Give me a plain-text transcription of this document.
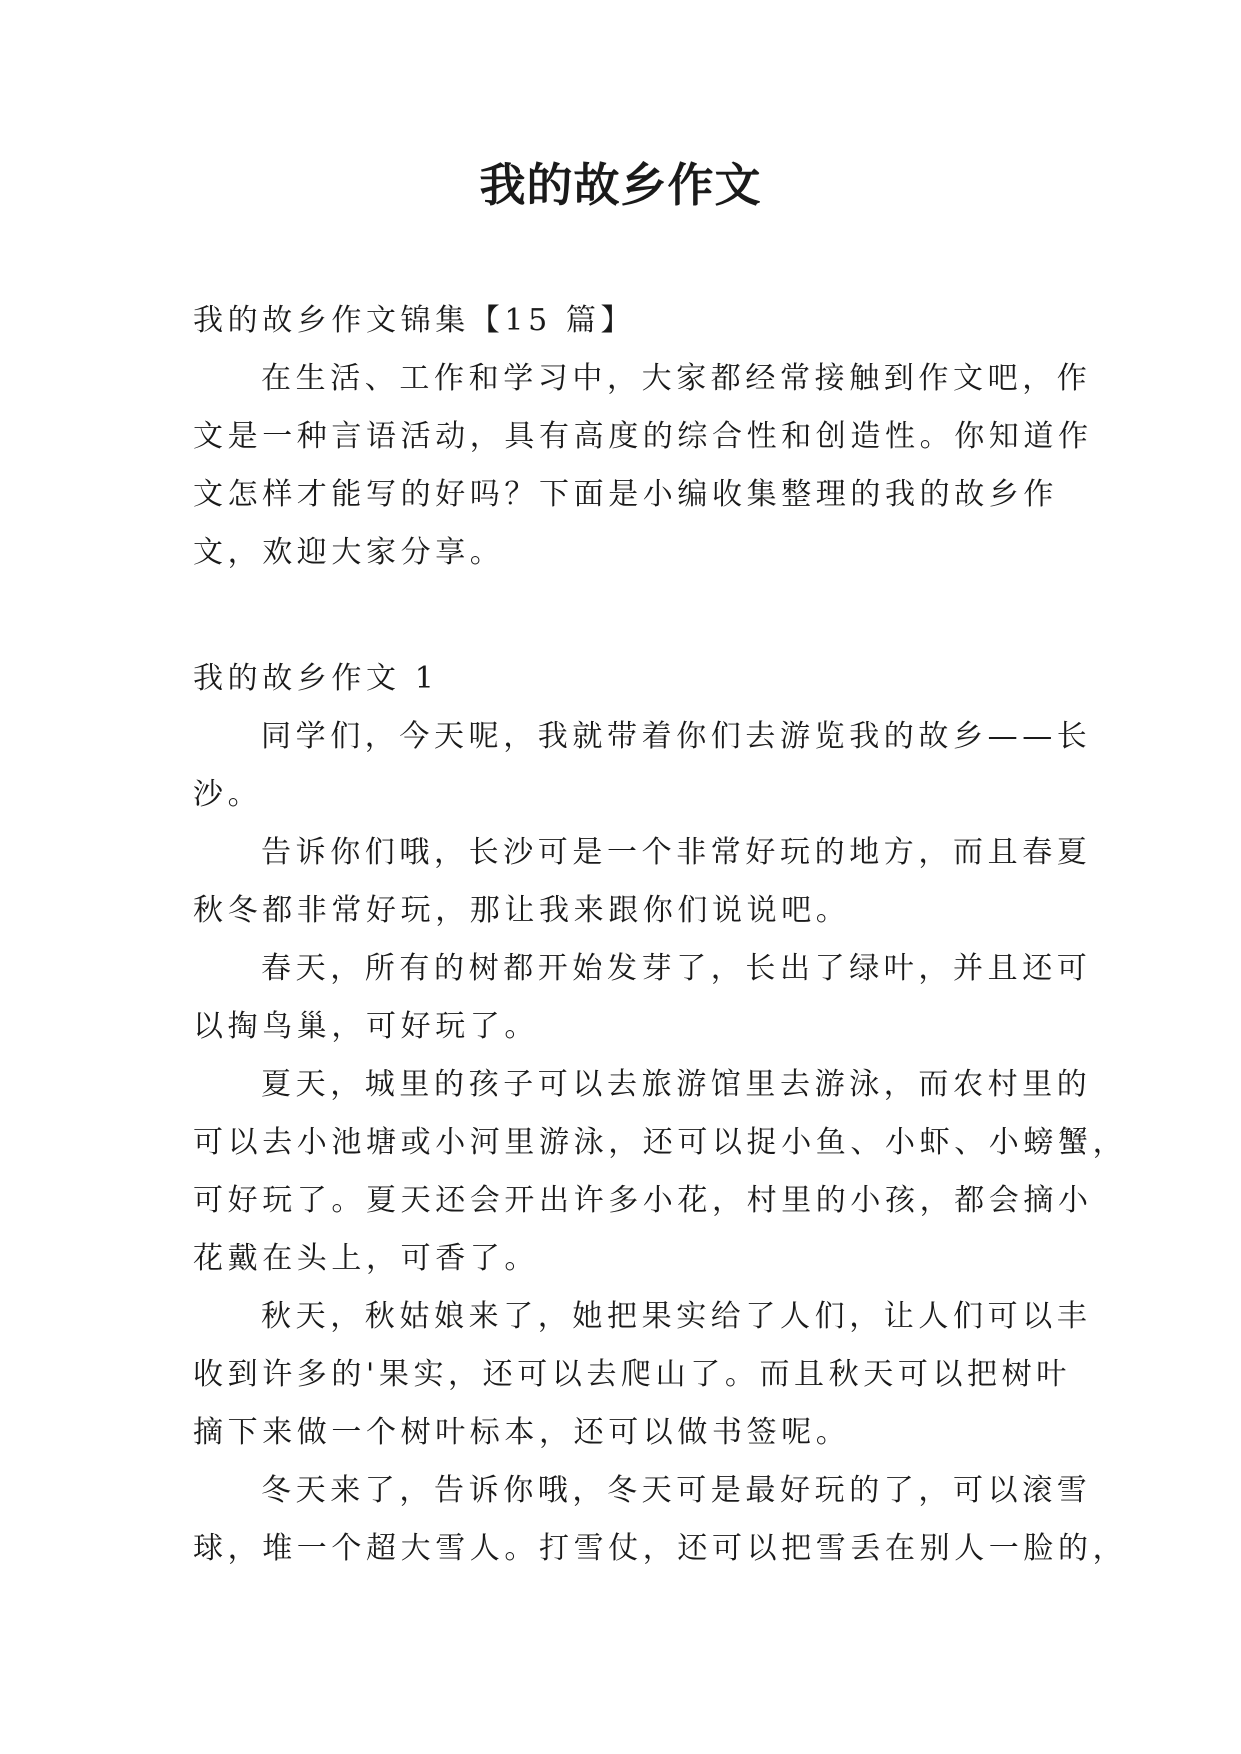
我的故乡作文
我的故乡作文锦集【15 篇】
在生活、工作和学习中，大家都经常接触到作文吧，作
文是一种言语活动，具有高度的综合性和创造性。你知道作
文怎样才能写的好吗？下面是小编收集整理的我的故乡作
文，欢迎大家分享。
我的故乡作文 1
同学们，今天呢，我就带着你们去游览我的故乡——长
沙。
告诉你们哦，长沙可是一个非常好玩的地方，而且春夏
秋冬都非常好玩，那让我来跟你们说说吧。
春天，所有的树都开始发芽了，长出了绿叶，并且还可
以掏鸟巢，可好玩了。
夏天，城里的孩子可以去旅游馆里去游泳，而农村里的
可以去小池塘或小河里游泳，还可以捉小鱼、小虾、小螃蟹，
可好玩了。夏天还会开出许多小花，村里的小孩，都会摘小
花戴在头上，可香了。
秋天，秋姑娘来了，她把果实给了人们，让人们可以丰
收到许多的'果实，还可以去爬山了。而且秋天可以把树叶
摘下来做一个树叶标本，还可以做书签呢。
冬天来了，告诉你哦，冬天可是最好玩的了，可以滚雪
球，堆一个超大雪人。打雪仗，还可以把雪丢在别人一脸的，
